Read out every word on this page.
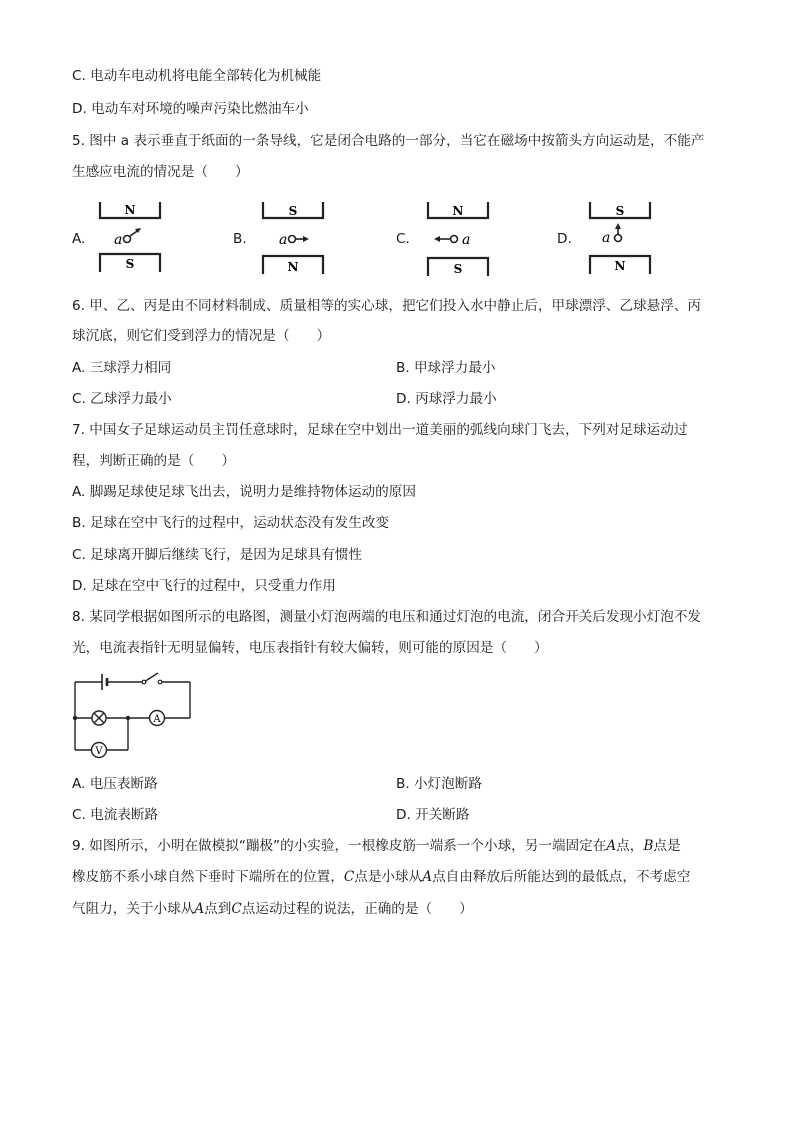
C. 电动车电动机将电能全部转化为机械能
D. 电动车对环境的噪声污染比燃油车小
5. 图中 a 表示垂直于纸面的一条导线，它是闭合电路的一部分，当它在磁场中按箭头方向运动是，不能产
生感应电流的情况是（　　）
A.
N
a
S
B.
S
a
N
C.
N
a
S
D.
S
a
N
6. 甲、乙、丙是由不同材料制成、质量相等的实心球，把它们投入水中静止后，甲球漂浮、乙球悬浮、丙
球沉底，则它们受到浮力的情况是（　　）
A. 三球浮力相同	B. 甲球浮力最小
C. 乙球浮力最小	D. 丙球浮力最小
7. 中国女子足球运动员主罚任意球时，足球在空中划出一道美丽的弧线向球门飞去，下列对足球运动过
程，判断正确的是（　　）
A. 脚踢足球使足球飞出去，说明力是维持物体运动的原因
B. 足球在空中飞行的过程中，运动状态没有发生改变
C. 足球离开脚后继续飞行，是因为足球具有惯性
D. 足球在空中飞行的过程中，只受重力作用
8. 某同学根据如图所示的电路图，测量小灯泡两端的电压和通过灯泡的电流，闭合开关后发现小灯泡不发
光，电流表指针无明显偏转，电压表指针有较大偏转，则可能的原因是（　　）
A
V
A. 电压表断路	B. 小灯泡断路
C. 电流表断路	D. 开关断路
9. 如图所示，小明在做模拟“蹦极”的小实验，一根橡皮筋一端系一个小球，另一端固定在A点，B点是
橡皮筋不系小球自然下垂时下端所在的位置，C点是小球从A点自由释放后所能达到的最低点，不考虑空
气阻力，关于小球从A点到C点运动过程的说法，正确的是（　　）
